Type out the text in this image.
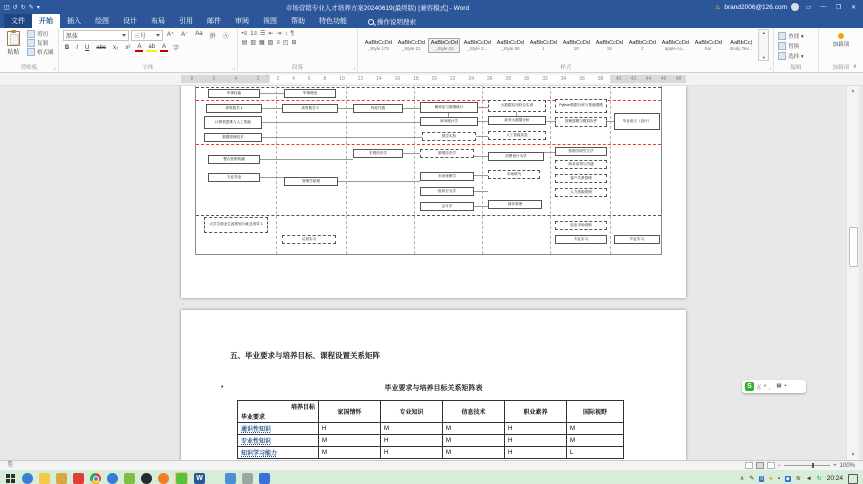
◫ ↺ ↻ ✎ ▾	市场营销专业人才培养方案20240619(最终版) [兼容模式] - Word	⚠ brand2006@126.com	▭	—	❐	✕
文件	开始	插入	绘图	设计	布局	引用	邮件	审阅	视图	帮助	特色功能	操作说明搜索
粘贴
剪切
复制
格式刷
剪贴板	⌟
黑体	三号	A⁺	A⁻	Aa	拼	Ⓐ
B	I	U	abc	x₂	x²	A	ab	A	字
字体	⌟
•≡ 1≡ ☰ ⇤ ⇥ ↕ ¶
▤ ▥ ▦ ▧ ≡ ◰ ⊞
段落	⌟
AaBbCcDd
_Style 175
AaBbCcDd
_Style 21
AaBbCcDd
_Style 22
AaBbCcDd
_Style 3...
AaBbCcDd
_Style 56
AaBbCcDd
1
AaBbCcDd
10
AaBbCcDd
15
AaBbCcDd
2
AaBbCcDd
apple-co...
AaBbCcDd
bar
AaBbCc(
Body Tex...
▲
▼
样式	⌟
查找 ▾
替换
选择 ▾
编辑
加载项
加载项 ∧
8	6	4	2	2	4	6	8	10	12	14	16	18	20	22	24	26	28	30	32	34	36	38 40 42 44 46 48
⌂
军事技能	军事理论
高等数学 1	高等数学 2	线性代数	概率论与数理统计	大数据应用综合实训	Python数据分析与预测建模
计算机思维与人工智能	商务统计学	商务大数据分析	管理建模与模拟软件
数据管理技术	数学实验	人工智能实验
毕业论文（设计）
整合营销传播
宏观经济学	微观经济学
消费者行为学
管理学研究方法
商务谈判与沟通
专业导论
管理学原理
市场营销学	市场研究
客户关系管理
组织行为学	人力资源管理
会计学	财务管理
大学生职业生涯规划与就业指导 1
认知实习
创业市场营销
专业实习	毕业实习
五、毕业要求与培养目标、课程设置关系矩阵
•	毕业要求与培养目标关系矩阵表
培养目标
毕业要求	家国情怀	专业知识	信息技术	职业素养	国际视野
通识性知识	H	M	M	H	M
专业性知识	M	H	M	H	M
知识学习能力	M	H	M	H	L
▲
▼
S 五 ◗ ， ▦ +
⎘	−	+ 100%
W	∧ ✎ 0 ● ▪ ◆ ≋ ◄ ↻ 20:24
